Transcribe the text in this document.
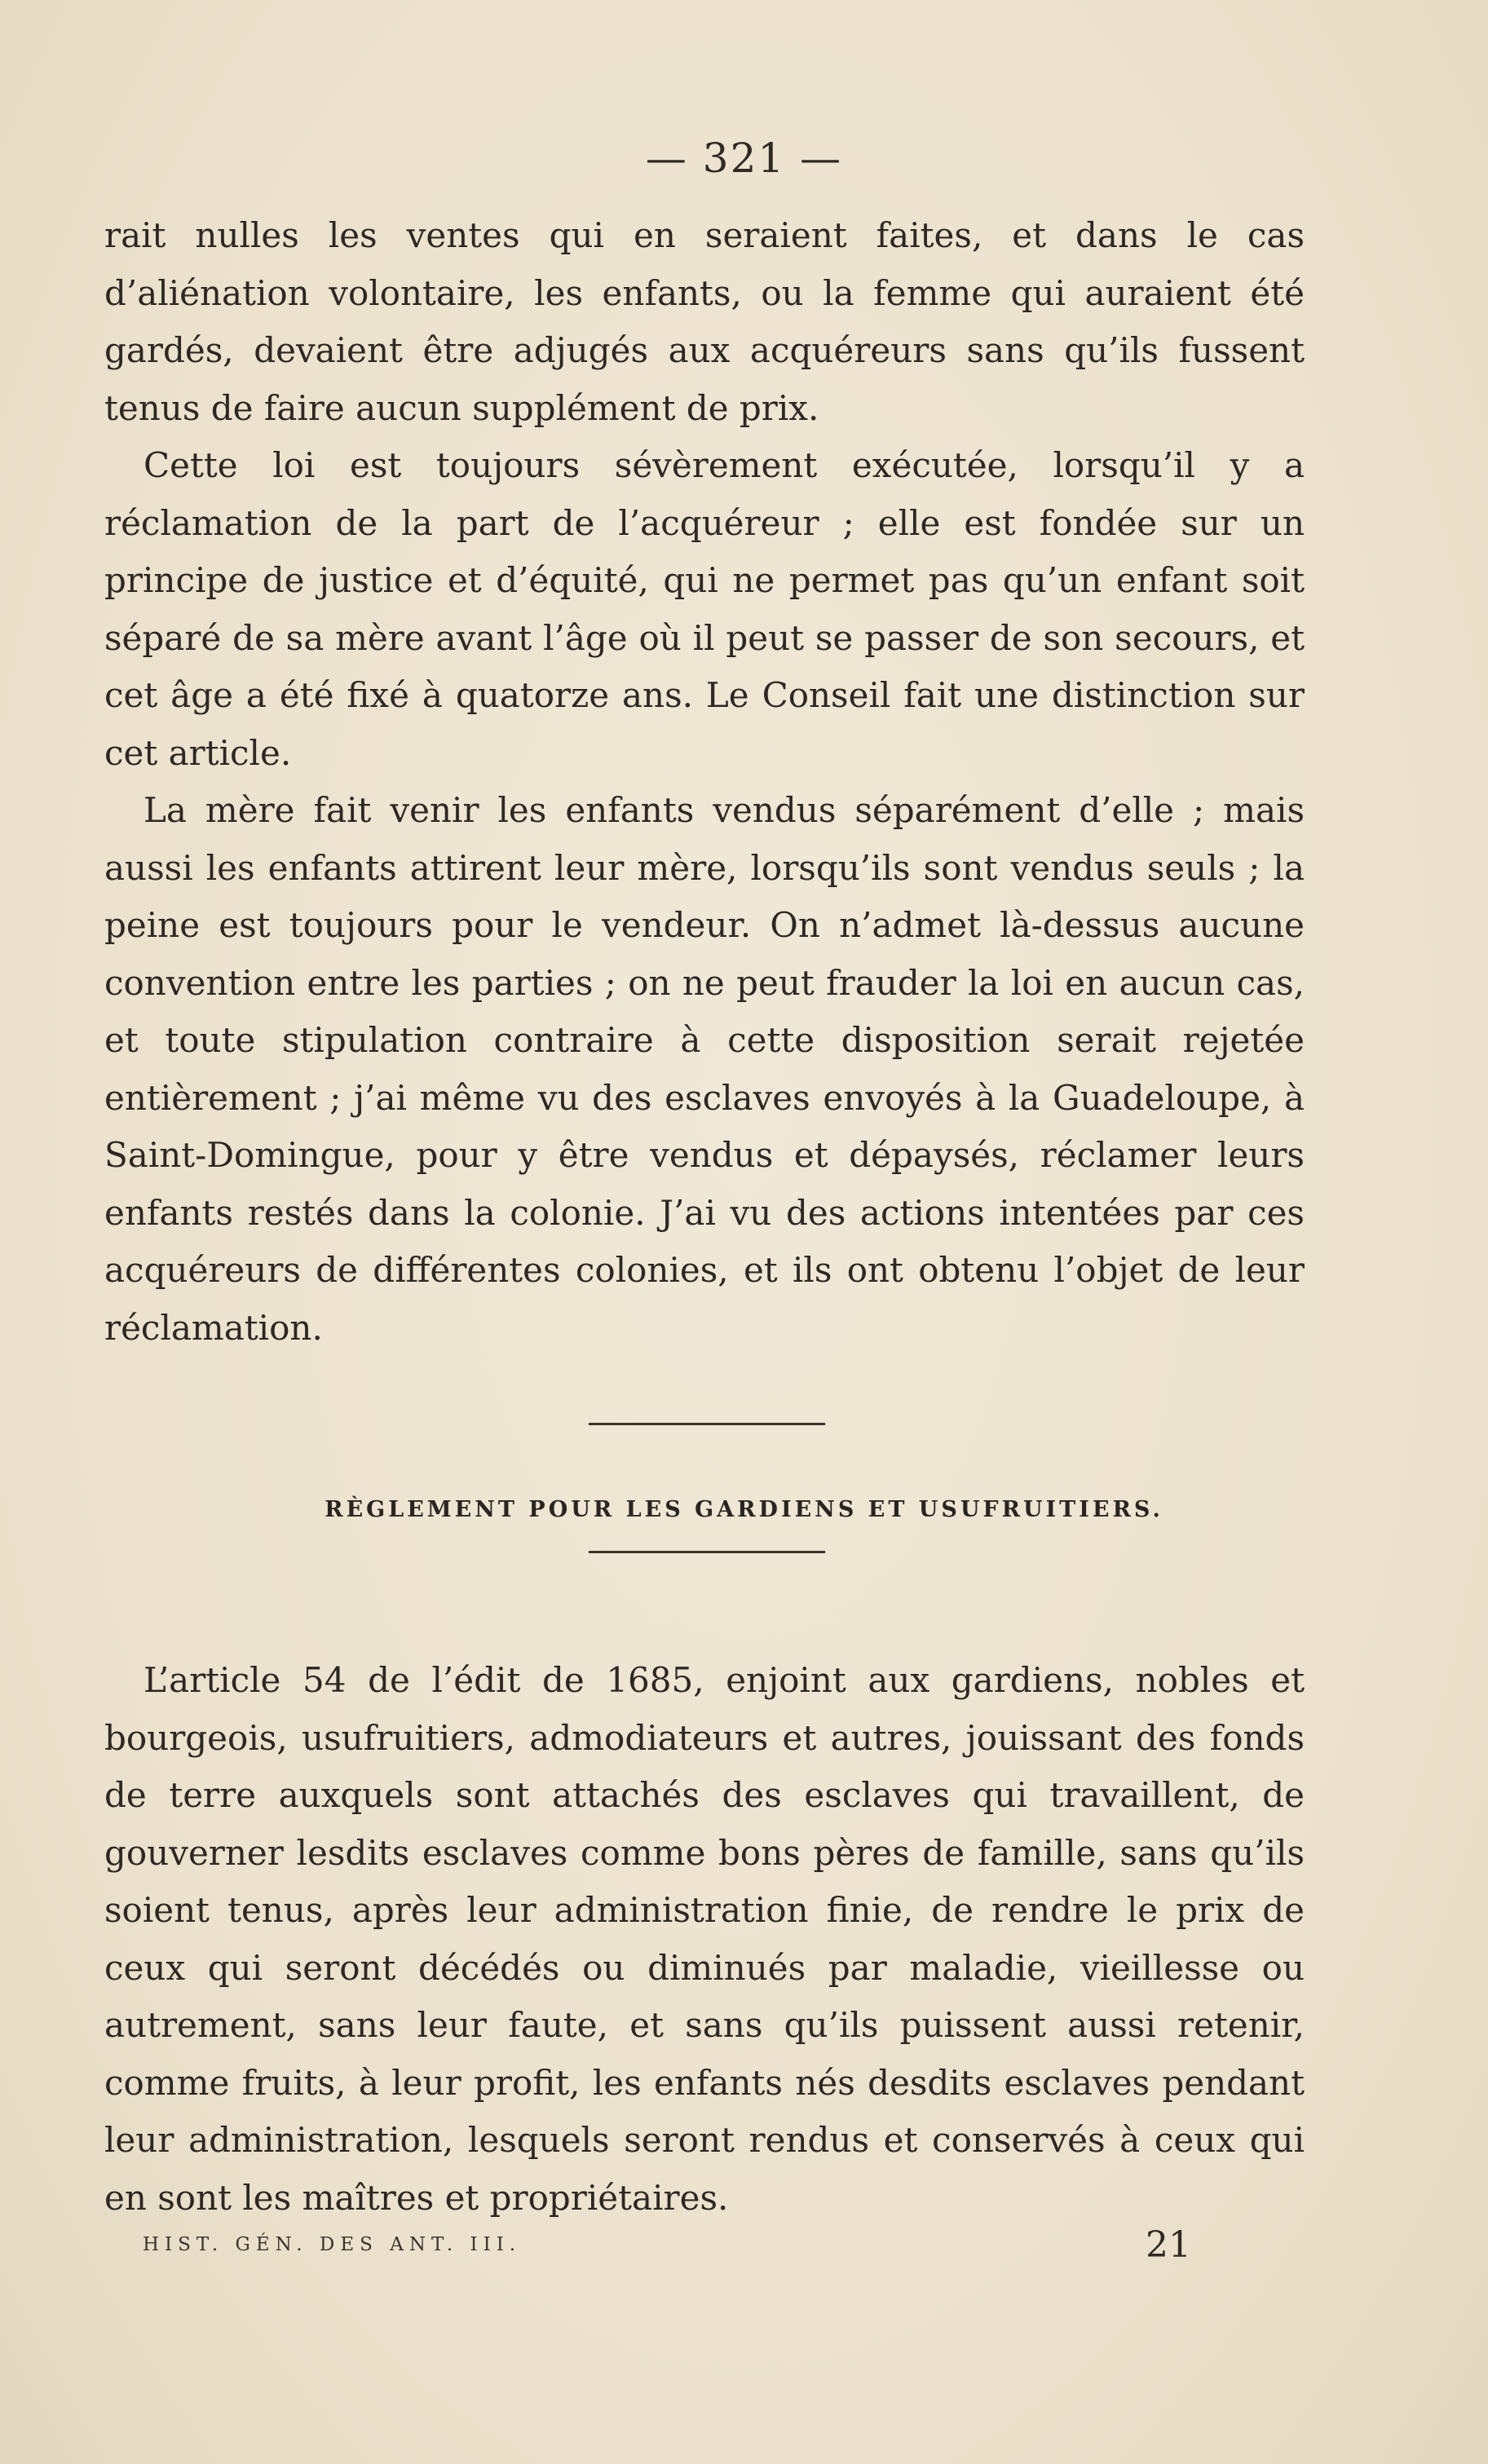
— 321 —

rait nulles les ventes qui en seraient faites, et dans le cas d’aliénation volontaire, les enfants, ou la femme qui auraient été gardés, devaient être adjugés aux acquéreurs sans qu’ils fussent tenus de faire aucun supplément de prix.

Cette loi est toujours sévèrement exécutée, lorsqu’il y a réclamation de la part de l’acquéreur ; elle est fondée sur un principe de justice et d’équité, qui ne permet pas qu’un enfant soit séparé de sa mère avant l’âge où il peut se passer de son secours, et cet âge a été fixé à quatorze ans. Le Conseil fait une distinction sur cet article.

La mère fait venir les enfants vendus séparément d’elle ; mais aussi les enfants attirent leur mère, lorsqu’ils sont vendus seuls ; la peine est toujours pour le vendeur. On n’admet là-dessus aucune convention entre les parties ; on ne peut frauder la loi en aucun cas, et toute stipulation contraire à cette disposition serait rejetée entièrement ; j’ai même vu des esclaves envoyés à la Guadeloupe, à Saint-Domingue, pour y être vendus et dépaysés, réclamer leurs enfants restés dans la colonie. J’ai vu des actions intentées par ces acquéreurs de différentes colonies, et ils ont obtenu l’objet de leur réclamation.

RÈGLEMENT POUR LES GARDIENS ET USUFRUITIERS.

L’article 54 de l’édit de 1685, enjoint aux gardiens, nobles et bourgeois, usufruitiers, admodiateurs et autres, jouissant des fonds de terre auxquels sont attachés des esclaves qui travaillent, de gouverner lesdits esclaves comme bons pères de famille, sans qu’ils soient tenus, après leur administration finie, de rendre le prix de ceux qui seront décédés ou diminués par maladie, vieillesse ou autrement, sans leur faute, et sans qu’ils puissent aussi retenir, comme fruits, à leur profit, les enfants nés desdits esclaves pendant leur administration, lesquels seront rendus et conservés à ceux qui en sont les maîtres et propriétaires.

HIST. GÉN. DES ANT. III.	21
